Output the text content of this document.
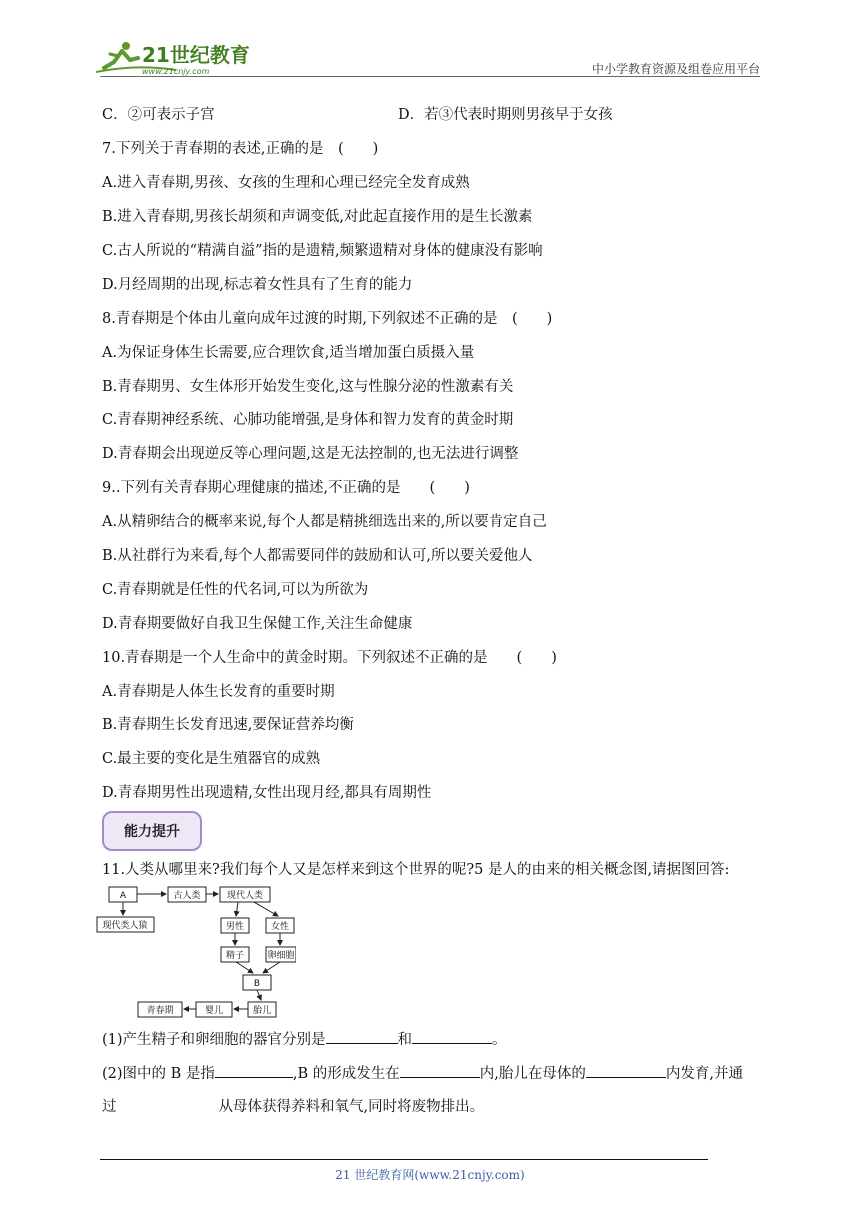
21世纪教育
www.21cnjy.com	中小学教育资源及组卷应用平台
C．②可表示子宫	D．若③代表时期则男孩早于女孩
7.下列关于青春期的表述,正确的是　(　　)
A.进入青春期,男孩、女孩的生理和心理已经完全发育成熟
B.进入青春期,男孩长胡须和声调变低,对此起直接作用的是生长激素
C.古人所说的“精满自溢”指的是遗精,频繁遗精对身体的健康没有影响
D.月经周期的出现,标志着女性具有了生育的能力
8.青春期是个体由儿童向成年过渡的时期,下列叙述不正确的是　(　　)
A.为保证身体生长需要,应合理饮食,适当增加蛋白质摄入量
B.青春期男、女生体形开始发生变化,这与性腺分泌的性激素有关
C.青春期神经系统、心肺功能增强,是身体和智力发育的黄金时期
D.青春期会出现逆反等心理问题,这是无法控制的,也无法进行调整
9..下列有关青春期心理健康的描述,不正确的是　　(　　)
A.从精卵结合的概率来说,每个人都是精挑细选出来的,所以要肯定自己
B.从社群行为来看,每个人都需要同伴的鼓励和认可,所以要关爱他人
C.青春期就是任性的代名词,可以为所欲为
D.青春期要做好自我卫生保健工作,关注生命健康
10.青春期是一个人生命中的黄金时期。下列叙述不正确的是　　(　　)
A.青春期是人体生长发育的重要时期
B.青春期生长发育迅速,要保证营养均衡
C.最主要的变化是生殖器官的成熟
D.青春期男性出现遗精,女性出现月经,都具有周期性
能力提升
11.人类从哪里来?我们每个人又是怎样来到这个世界的呢?5 是人的由来的相关概念图,请据图回答:
A	古人类
现代类人猿
现代人类
男性	女性
精子	卵细胞
B
胎儿
婴儿
青春期
(1)产生精子和卵细胞的器官分别是	和	。
(2)图中的 B 是指	,B 的形成发生在	内,胎儿在母体的	内发育,并通
过	从母体获得养料和氧气,同时将废物排出。
21 世纪教育网(www.21cnjy.com)
